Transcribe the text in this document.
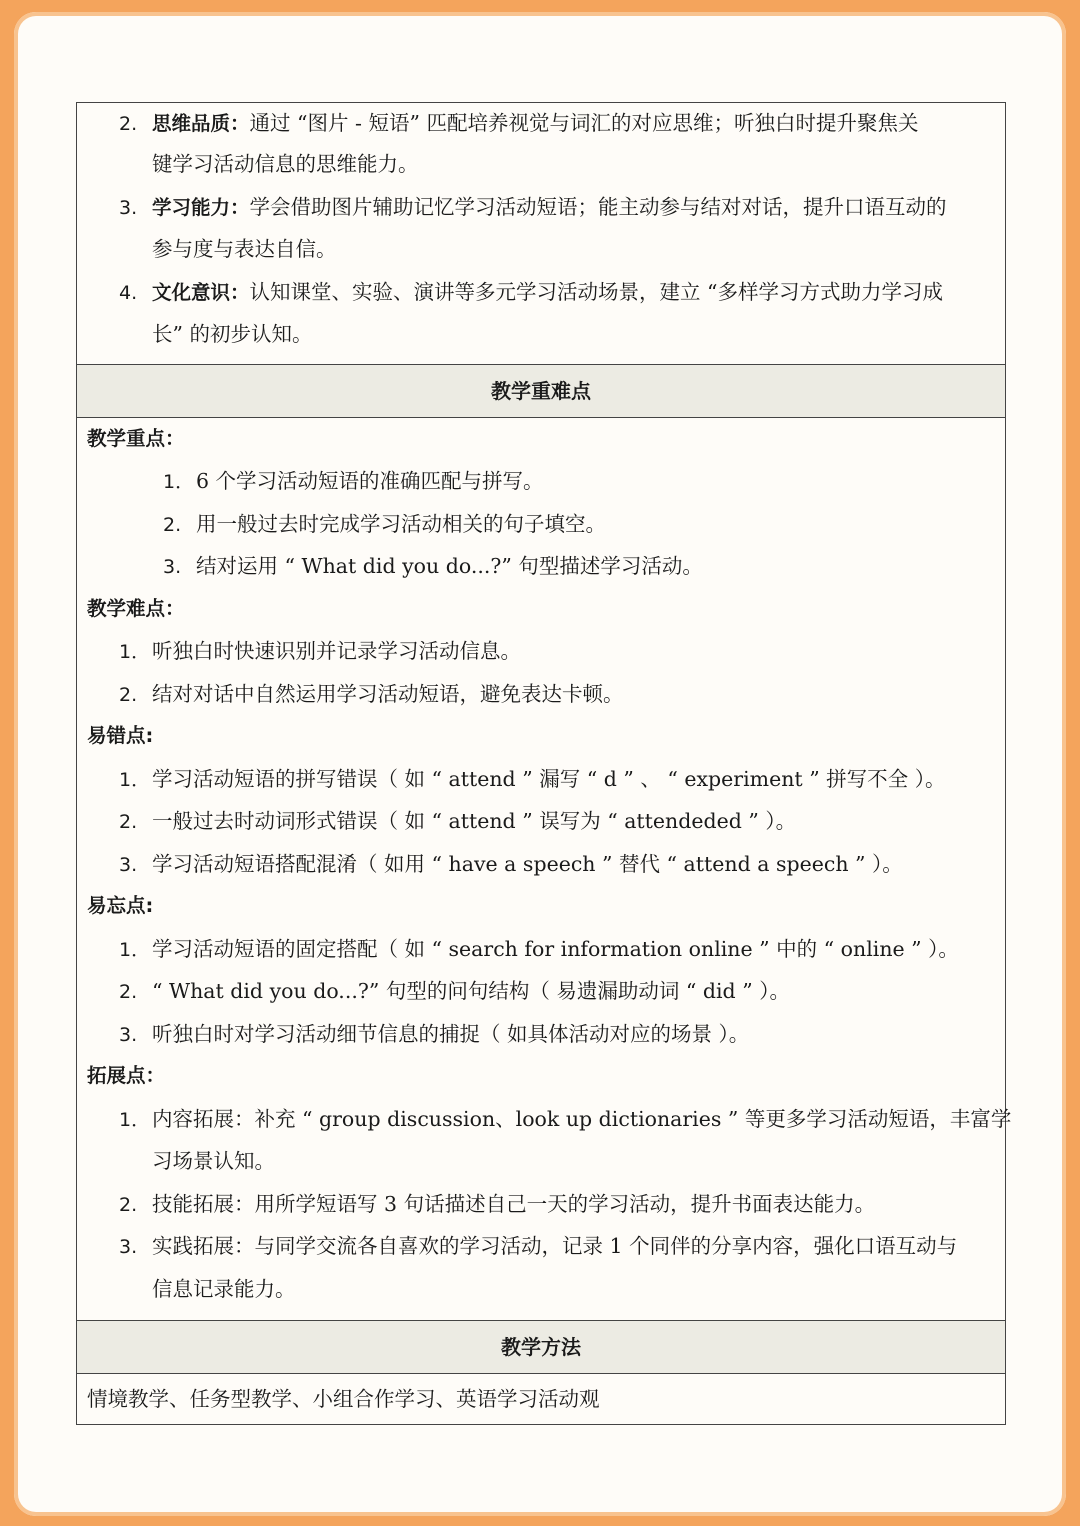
2. 思维品质：通过 “图片 - 短语” 匹配培养视觉与词汇的对应思维；听独白时提升聚焦关
键学习活动信息的思维能力。
3. 学习能力：学会借助图片辅助记忆学习活动短语；能主动参与结对对话，提升口语互动的
参与度与表达自信。
4. 文化意识：认知课堂、实验、演讲等多元学习活动场景，建立 “多样学习方式助力学习成
长” 的初步认知。
教学重难点
教学重点：
1．6 个学习活动短语的准确匹配与拼写。
2. 用一般过去时完成学习活动相关的句子填空。
3. 结对运用 “ What did you do...?” 句型描述学习活动。
教学难点：
1．听独白时快速识别并记录学习活动信息。
2. 结对对话中自然运用学习活动短语，避免表达卡顿。
易错点:
1．学习活动短语的拼写错误（ 如 “ attend ” 漏写 “ d ” 、 “ experiment ” 拼写不全 ）。
2. 一般过去时动词形式错误（ 如 “ attend ” 误写为 “ attendeded ” ）。
3. 学习活动短语搭配混淆（ 如用 “ have a speech ” 替代 “ attend a speech ” ）。
易忘点:
1．学习活动短语的固定搭配（ 如 “ search for information online ” 中的 “ online ” ）。
2. “ What did you do...?” 句型的问句结构（ 易遗漏助动词 “ did ” ）。
3. 听独白时对学习活动细节信息的捕捉（ 如具体活动对应的场景 ）。
拓展点：
1．内容拓展：补充 “ group discussion、look up dictionaries ” 等更多学习活动短语，丰富学
习场景认知。
2. 技能拓展：用所学短语写 3 句话描述自己一天的学习活动，提升书面表达能力。
3. 实践拓展：与同学交流各自喜欢的学习活动，记录 1 个同伴的分享内容，强化口语互动与
信息记录能力。
教学方法
情境教学、任务型教学、小组合作学习、英语学习活动观
